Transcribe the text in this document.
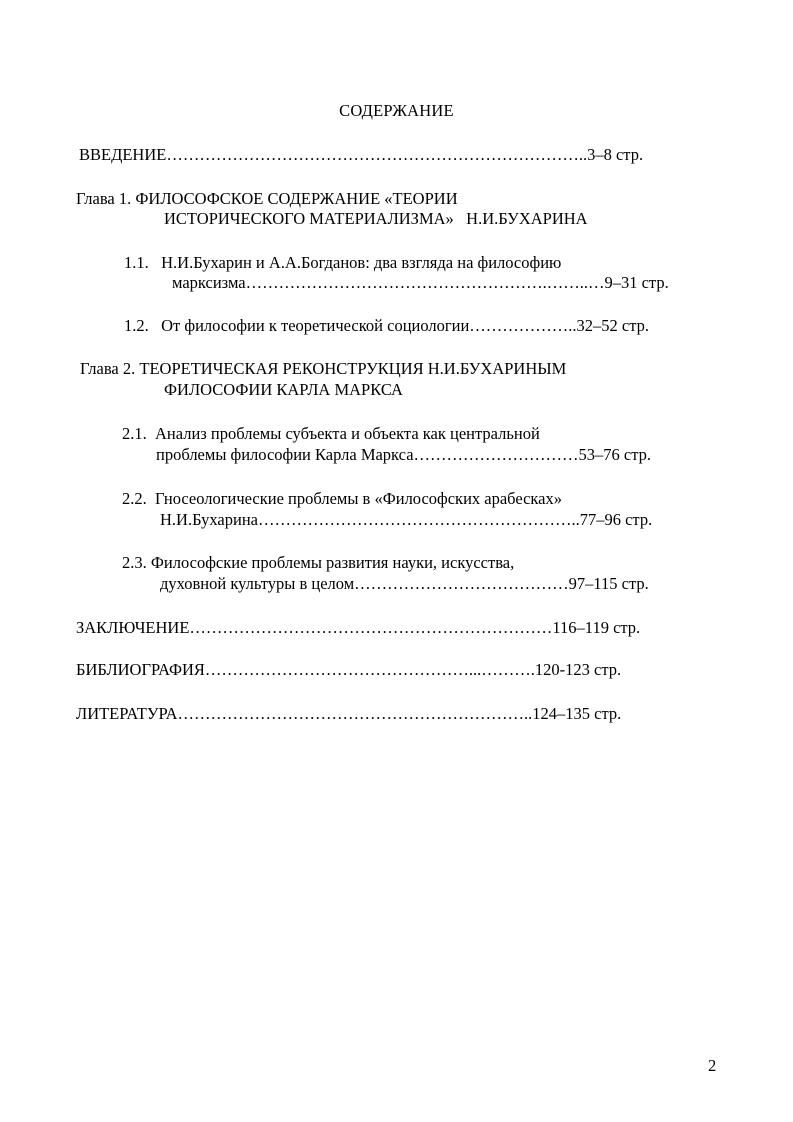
СОДЕРЖАНИЕ

ВВЕДЕНИЕ…………………………………………………………………..3–8 стр.

Глава 1. ФИЛОСОФСКОЕ СОДЕРЖАНИЕ «ТЕОРИИ

ИСТОРИЧЕСКОГО МАТЕРИАЛИЗМА»   Н.И.БУХАРИНА

1.1.   Н.И.Бухарин и А.А.Богданов: два взгляда на философию

марксизма……………………………………………….……..…9–31 стр.

1.2.   От философии к теоретической социологии………………..32–52 стр.

Глава 2. ТЕОРЕТИЧЕСКАЯ РЕКОНСТРУКЦИЯ Н.И.БУХАРИНЫМ

ФИЛОСОФИИ КАРЛА МАРКСА

2.1.  Анализ проблемы субъекта и объекта как центральной

проблемы философии Карла Маркса…………………………53–76 стр.

2.2.  Гносеологические проблемы в «Философских арабесках»

Н.И.Бухарина…………………………………………………..77–96 стр.

2.3. Философские проблемы развития науки, искусства,

духовной культуры в целом…………………………………97–115 стр.

ЗАКЛЮЧЕНИЕ…………………………………………………………116–119 стр.

БИБЛИОГРАФИЯ…………………………………………...……….120-123 стр.

ЛИТЕРАТУРА………………………………………………………..124–135 стр.

2
